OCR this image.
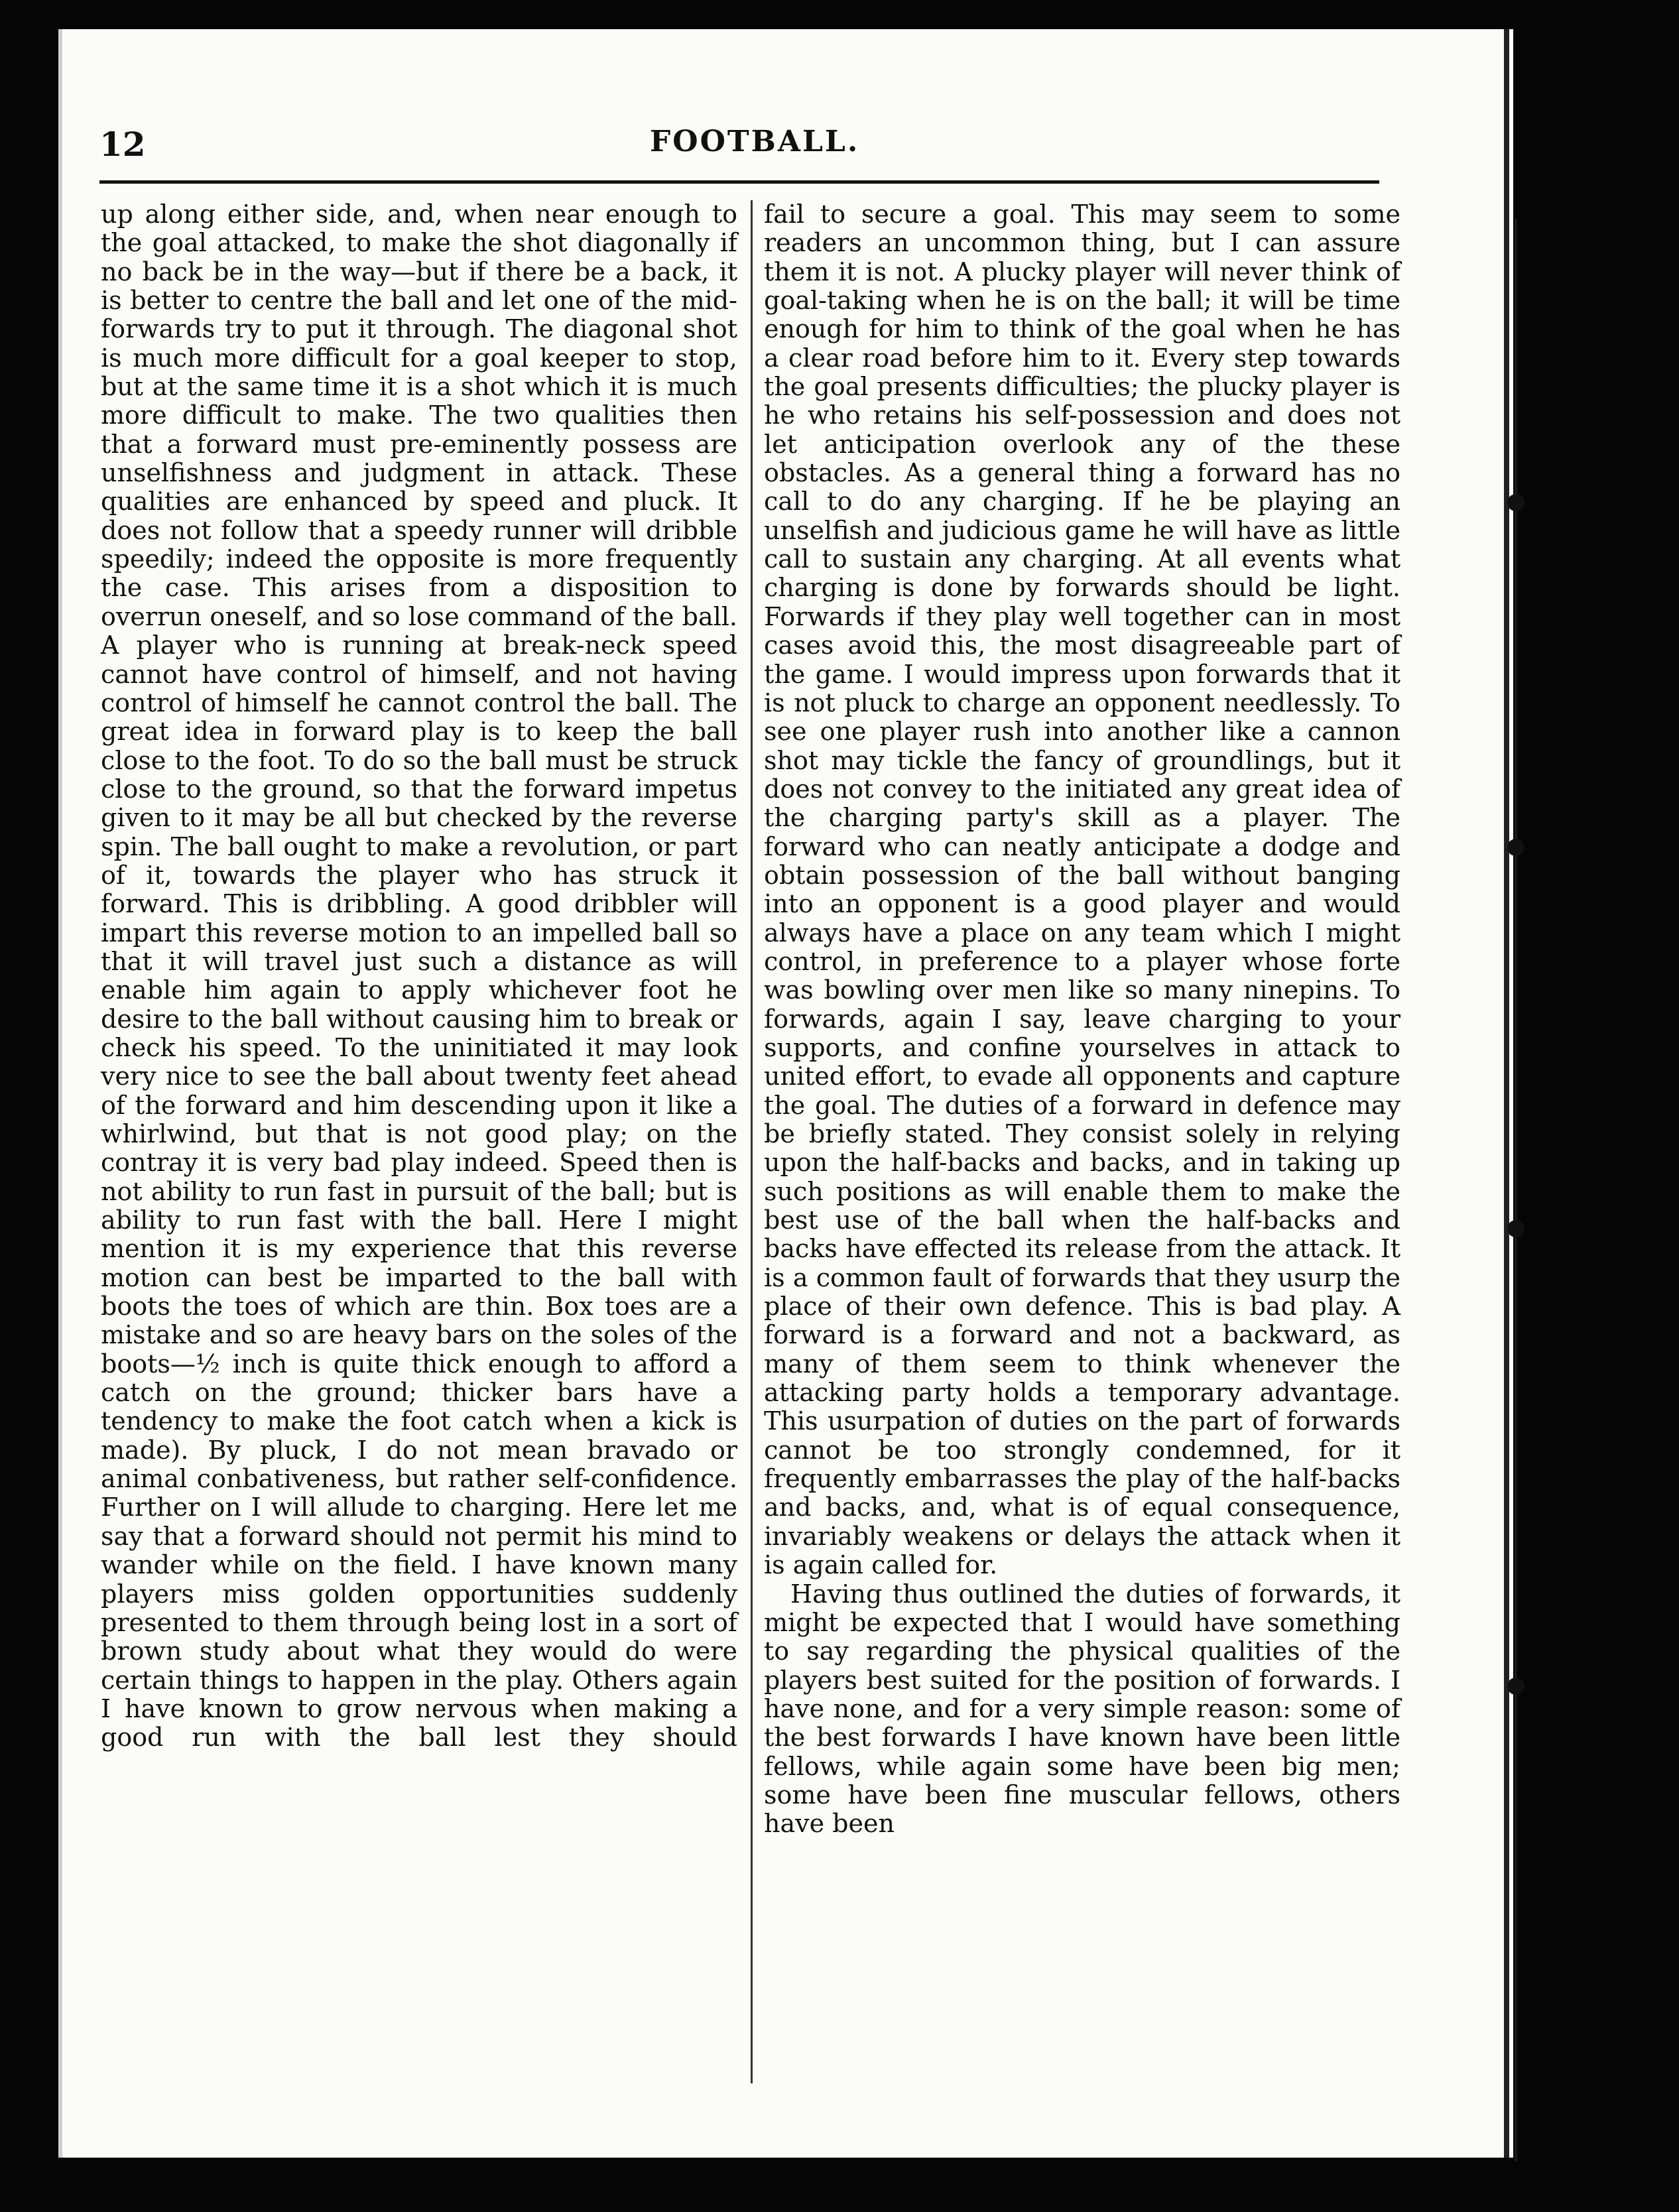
12	FOOTBALL.

up along either side, and, when near enough to the goal attacked, to make the shot diagonally if no back be in the way—but if there be a back, it is better to centre the ball and let one of the mid-forwards try to put it through. The diagonal shot is much more difficult for a goal keeper to stop, but at the same time it is a shot which it is much more difficult to make. The two qualities then that a forward must pre-eminently possess are unselfishness and judgment in attack. These qualities are enhanced by speed and pluck. It does not follow that a speedy runner will dribble speedily; indeed the opposite is more frequently the case. This arises from a disposition to overrun oneself, and so lose command of the ball. A player who is running at break-neck speed cannot have control of himself, and not having control of himself he cannot control the ball. The great idea in forward play is to keep the ball close to the foot. To do so the ball must be struck close to the ground, so that the forward impetus given to it may be all but checked by the reverse spin. The ball ought to make a revolution, or part of it, towards the player who has struck it forward. This is dribbling. A good dribbler will impart this reverse motion to an impelled ball so that it will travel just such a distance as will enable him again to apply whichever foot he desire to the ball without causing him to break or check his speed. To the uninitiated it may look very nice to see the ball about twenty feet ahead of the forward and him descending upon it like a whirlwind, but that is not good play; on the contray it is very bad play indeed. Speed then is not ability to run fast in pursuit of the ball; but is ability to run fast with the ball. Here I might mention it is my experience that this reverse motion can best be imparted to the ball with boots the toes of which are thin. Box toes are a mistake and so are heavy bars on the soles of the boots—½ inch is quite thick enough to afford a catch on the ground; thicker bars have a tendency to make the foot catch when a kick is made). By pluck, I do not mean bravado or animal conbativeness, but rather self-confidence. Further on I will allude to charging. Here let me say that a forward should not permit his mind to wander while on the field. I have known many players miss golden opportunities suddenly presented to them through being lost in a sort of brown study about what they would do were certain things to happen in the play. Others again I have known to grow nervous when making a good run with the ball lest they should

fail to secure a goal. This may seem to some readers an uncommon thing, but I can assure them it is not. A plucky player will never think of goal-taking when he is on the ball; it will be time enough for him to think of the goal when he has a clear road before him to it. Every step towards the goal presents difficulties; the plucky player is he who retains his self-possession and does not let anticipation overlook any of the these obstacles. As a general thing a forward has no call to do any charging. If he be playing an unselfish and judicious game he will have as little call to sustain any charging. At all events what charging is done by forwards should be light. Forwards if they play well together can in most cases avoid this, the most disagreeable part of the game. I would impress upon forwards that it is not pluck to charge an opponent needlessly. To see one player rush into another like a cannon shot may tickle the fancy of groundlings, but it does not convey to the initiated any great idea of the charging party's skill as a player. The forward who can neatly anticipate a dodge and obtain possession of the ball without banging into an opponent is a good player and would always have a place on any team which I might control, in preference to a player whose forte was bowling over men like so many ninepins. To forwards, again I say, leave charging to your supports, and confine yourselves in attack to united effort, to evade all opponents and capture the goal. The duties of a forward in defence may be briefly stated. They consist solely in relying upon the half-backs and backs, and in taking up such positions as will enable them to make the best use of the ball when the half-backs and backs have effected its release from the attack. It is a common fault of forwards that they usurp the place of their own defence. This is bad play. A forward is a forward and not a backward, as many of them seem to think whenever the attacking party holds a temporary advantage. This usurpation of duties on the part of forwards cannot be too strongly condemned, for it frequently embarrasses the play of the half-backs and backs, and, what is of equal consequence, invariably weakens or delays the attack when it is again called for.

Having thus outlined the duties of forwards, it might be expected that I would have something to say regarding the physical qualities of the players best suited for the position of forwards. I have none, and for a very simple reason: some of the best forwards I have known have been little fellows, while again some have been big men; some have been fine muscular fellows, others have been
